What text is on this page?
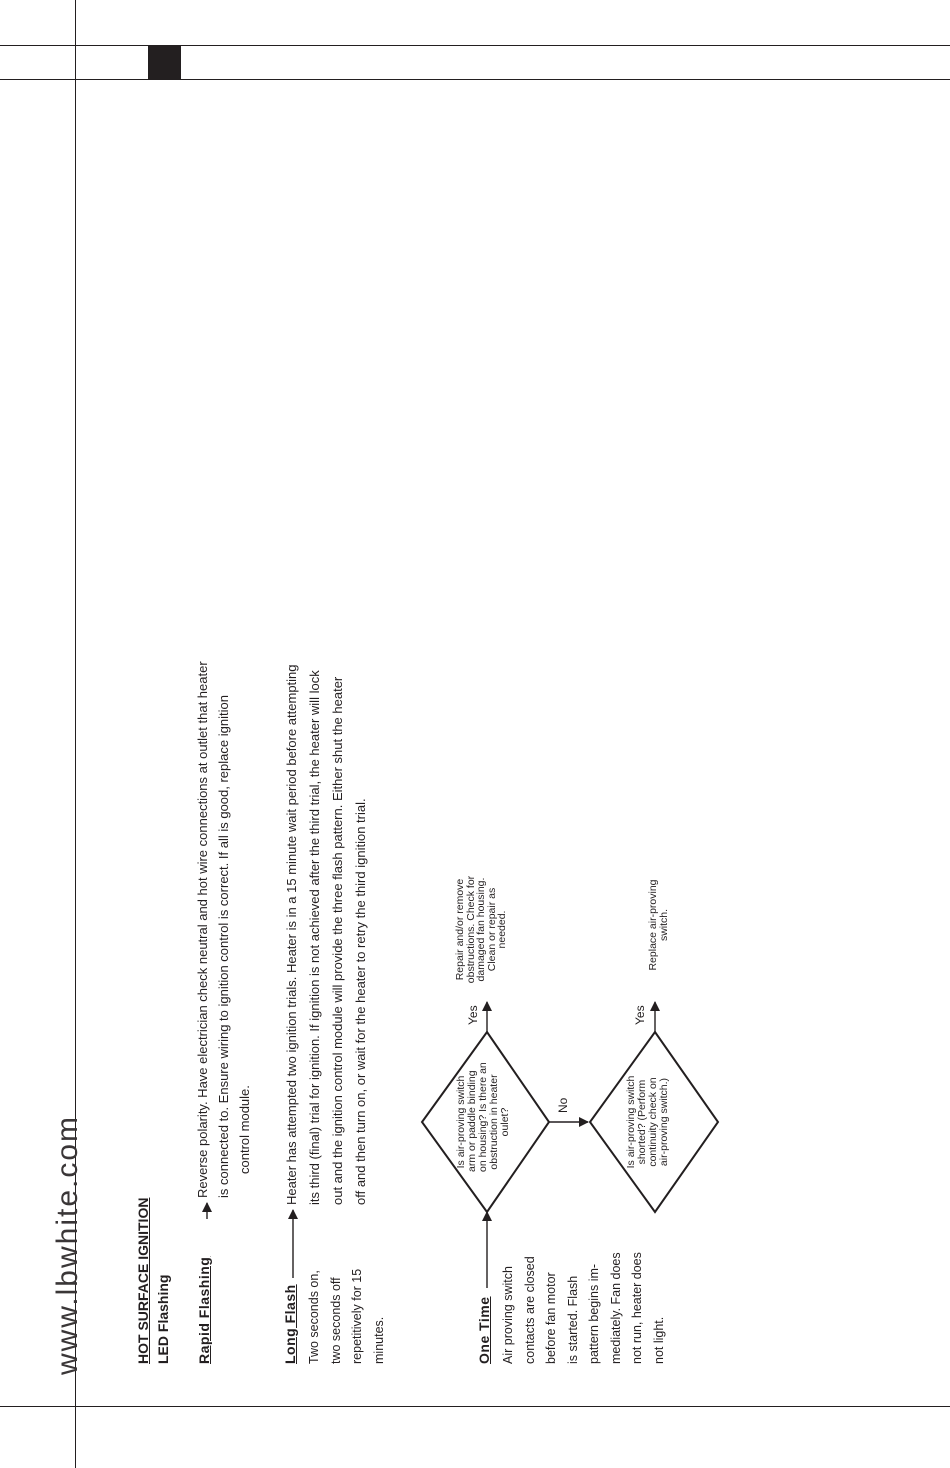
www.lbwhite.com	HOT SURFACE IGNITION LED Flashing Rapid Flashing
Reverse polarity. Have electrician check neutral and hot wire connections at outlet that heater is connected to. Ensure wiring to ignition control is correct. If all is good, replace ignition control module.
Long Flash Two seconds on, two seconds off repetitively for 15 minutes.
Heater has attempted two ignition trials. Heater is in a 15 minute wait period before attempting its third (final) trial for ignition. If ignition is not achieved after the third trial, the heater will lock out and the ignition control module will provide the three flash pattern. Either shut the heater off and then turn on, or wait for the heater to retry the third ignition trial.
One Time Air proving switch contacts are closed before fan motor is started. Flash pattern begins im- mediately. Fan does not run, heater does not light.
Is air-proving switch arm or paddle binding on housing? Is there an obstruction in heater oulet?
Yes
No
Repair and/or remove
obstructions. Check for
damaged fan housing.
Clean or repair as
needed.
Is air-proving switch shorted? (Perform continuity check on air-proving switch.)
Yes
Replace air-proving switch.
